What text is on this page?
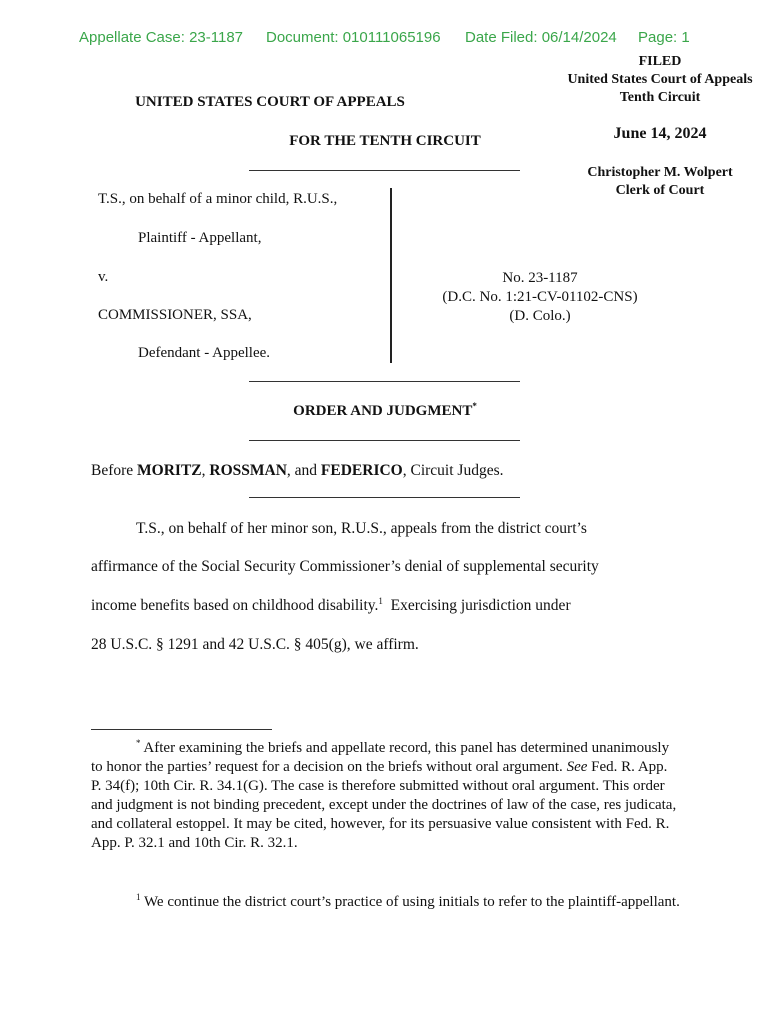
Appellate Case: 23-1187 Document: 010111065196 Date Filed: 06/14/2024 Page: 1
FILED
United States Court of Appeals
Tenth Circuit
June 14, 2024
Christopher M. Wolpert
Clerk of Court
UNITED STATES COURT OF APPEALS
FOR THE TENTH CIRCUIT
T.S., on behalf of a minor child, R.U.S.,
Plaintiff - Appellant,
v.
COMMISSIONER, SSA,
Defendant - Appellee.
No. 23-1187
(D.C. No. 1:21-CV-01102-CNS)
(D. Colo.)
ORDER AND JUDGMENT*
Before MORITZ, ROSSMAN, and FEDERICO, Circuit Judges.
T.S., on behalf of her minor son, R.U.S., appeals from the district court’s
affirmance of the Social Security Commissioner’s denial of supplemental security
income benefits based on childhood disability.$^1$  Exercising jurisdiction under
28 U.S.C. § 1291 and 42 U.S.C. § 405(g), we affirm.

* After examining the briefs and appellate record, this panel has determined unanimously to honor the parties’ request for a decision on the briefs without oral argument. See Fed. R. App. P. 34(f); 10th Cir. R. 34.1(G). The case is therefore submitted without oral argument. This order and judgment is not binding precedent, except under the doctrines of law of the case, res judicata, and collateral estoppel. It may be cited, however, for its persuasive value consistent with Fed. R. App. P. 32.1 and 10th Cir. R. 32.1.

$^1$ We continue the district court’s practice of using initials to refer to the plaintiff-appellant.
